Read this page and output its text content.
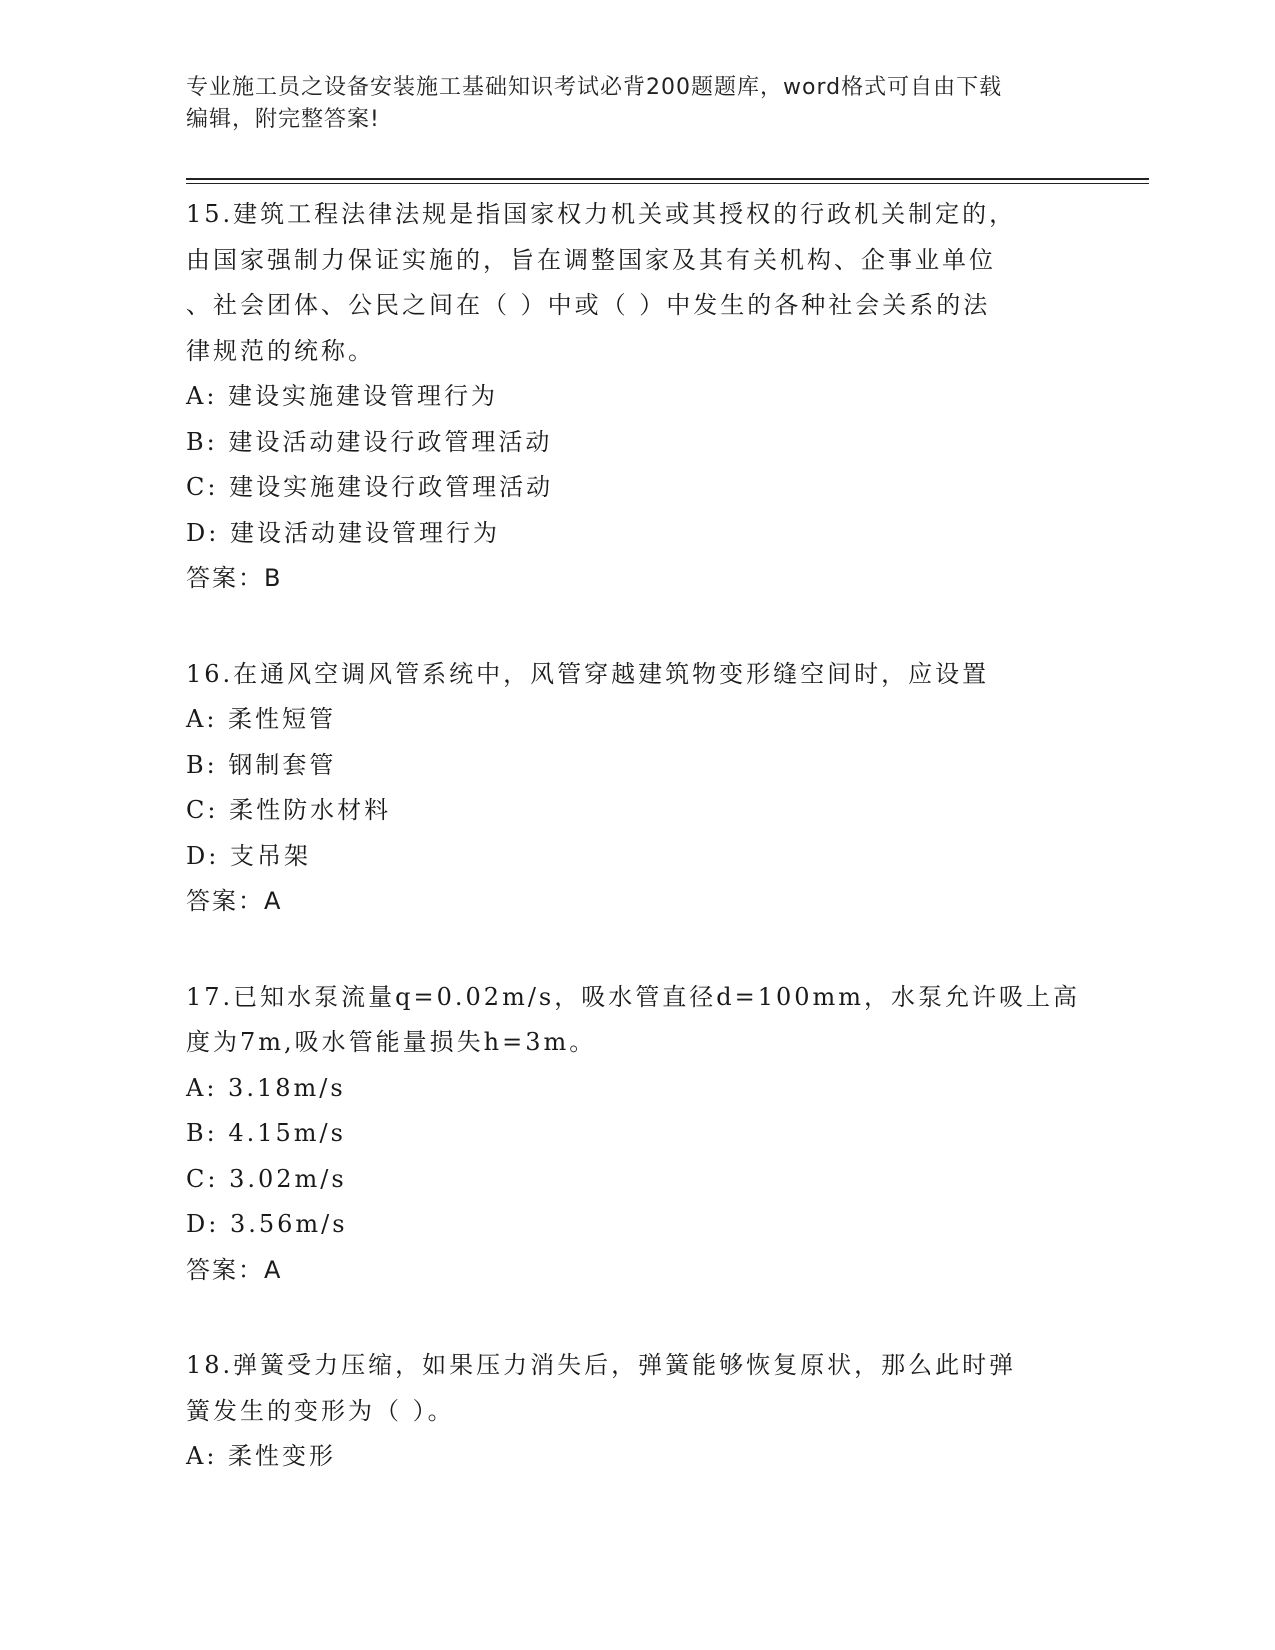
专业施工员之设备安装施工基础知识考试必背200题题库，word格式可自由下载
编辑，附完整答案!
15.建筑工程法律法规是指国家权力机关或其授权的行政机关制定的，
由国家强制力保证实施的，旨在调整国家及其有关机构、企事业单位
、社会团体、公民之间在（ ）中或（ ）中发生的各种社会关系的法
律规范的统称。
A: 建设实施建设管理行为
B: 建设活动建设行政管理活动
C: 建设实施建设行政管理活动
D: 建设活动建设管理行为
答案：B
16.在通风空调风管系统中，风管穿越建筑物变形缝空间时，应设置
A: 柔性短管
B: 钢制套管
C: 柔性防水材料
D: 支吊架
答案：A
17.已知水泵流量q=0.02m/s，吸水管直径d=100mm，水泵允许吸上高
度为7m,吸水管能量损失h=3m。
A: 3.18m/s
B: 4.15m/s
C: 3.02m/s
D: 3.56m/s
答案：A
18.弹簧受力压缩，如果压力消失后，弹簧能够恢复原状，那么此时弹
簧发生的变形为（ ）。
A: 柔性变形
